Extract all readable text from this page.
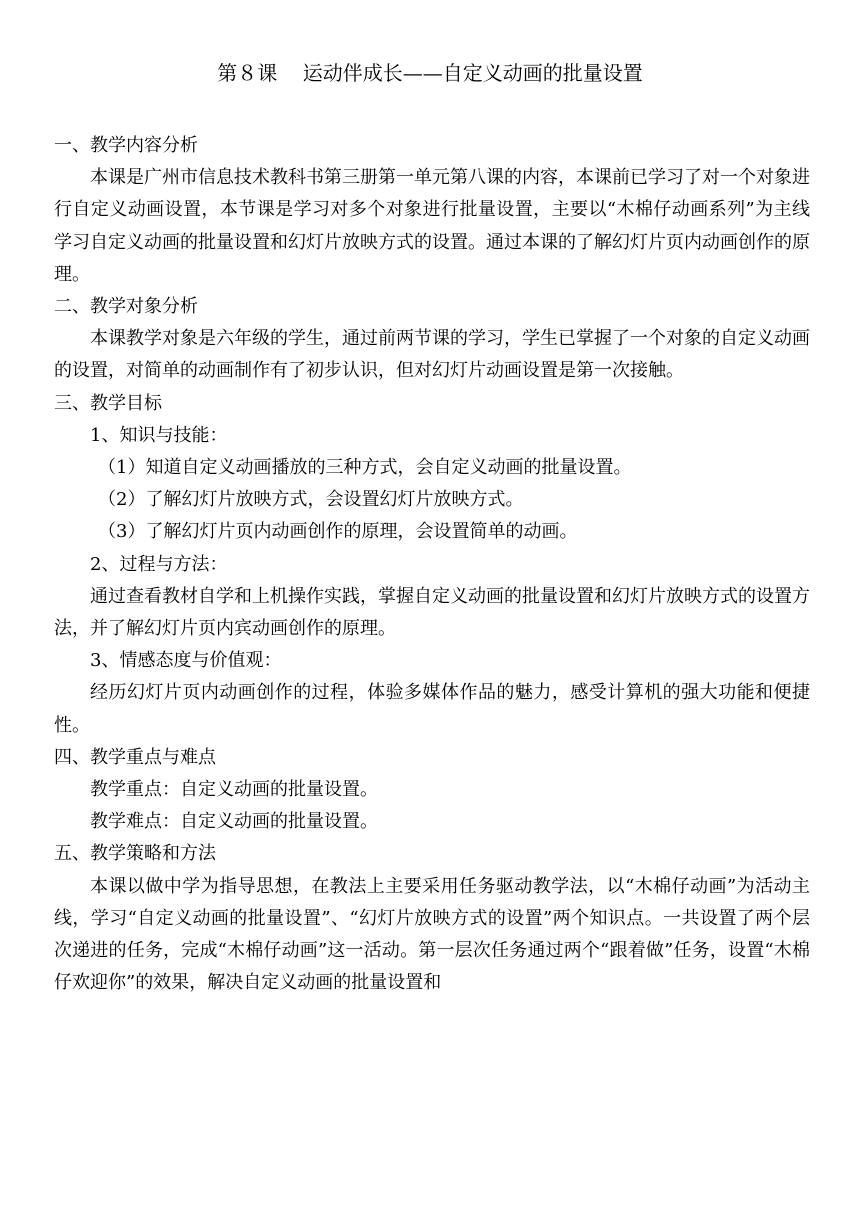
第８课    运动伴成长——自定义动画的批量设置

一、教学内容分析

本课是广州市信息技术教科书第三册第一单元第八课的内容，本课前已学习了对一个对象进行自定义动画设置，本节课是学习对多个对象进行批量设置，主要以“木棉仔动画系列”为主线学习自定义动画的批量设置和幻灯片放映方式的设置。通过本课的了解幻灯片页内动画创作的原理。

二、教学对象分析

本课教学对象是六年级的学生，通过前两节课的学习，学生已掌握了一个对象的自定义动画的设置，对简单的动画制作有了初步认识，但对幻灯片动画设置是第一次接触。

三、教学目标

1、知识与技能：

（1）知道自定义动画播放的三种方式，会自定义动画的批量设置。

（2）了解幻灯片放映方式，会设置幻灯片放映方式。

（3）了解幻灯片页内动画创作的原理，会设置简单的动画。

2、过程与方法：

通过查看教材自学和上机操作实践，掌握自定义动画的批量设置和幻灯片放映方式的设置方法，并了解幻灯片页内宾动画创作的原理。

3、情感态度与价值观：

经历幻灯片页内动画创作的过程，体验多媒体作品的魅力，感受计算机的强大功能和便捷性。

四、教学重点与难点

教学重点：自定义动画的批量设置。

教学难点：自定义动画的批量设置。

五、教学策略和方法

本课以做中学为指导思想，在教法上主要采用任务驱动教学法，以“木棉仔动画”为活动主线，学习“自定义动画的批量设置”、“幻灯片放映方式的设置”两个知识点。一共设置了两个层次递进的任务，完成“木棉仔动画”这一活动。第一层次任务通过两个“跟着做”任务，设置“木棉仔欢迎你”的效果，解决自定义动画的批量设置和
